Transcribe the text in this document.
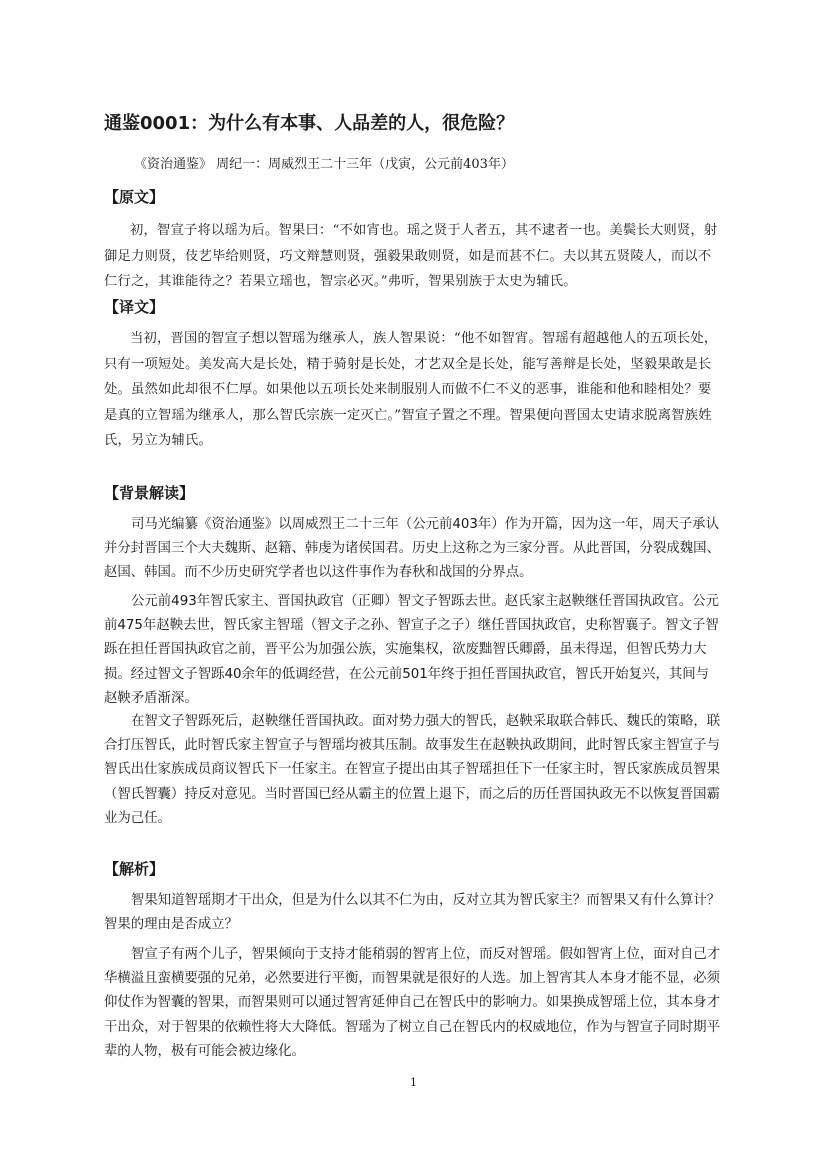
通鉴0001：为什么有本事、人品差的人，很危险？
《资治通鉴》 周纪一：周威烈王二十三年（戊寅，公元前403年）
【原文】

初，智宣子将以瑶为后。智果曰：“不如宵也。瑶之贤于人者五，其不逮者一也。美鬓长大则贤，射御足力则贤，伎艺毕给则贤，巧文辩慧则贤，强毅果敢则贤，如是而甚不仁。夫以其五贤陵人，而以不仁行之，其谁能待之？若果立瑶也，智宗必灭。”弗听，智果别族于太史为辅氏。

【译文】

当初，晋国的智宣子想以智瑶为继承人，族人智果说：“他不如智宵。智瑶有超越他人的五项长处，只有一项短处。美发高大是长处，精于骑射是长处，才艺双全是长处，能写善辩是长处，坚毅果敢是长处。虽然如此却很不仁厚。如果他以五项长处来制服别人而做不仁不义的恶事，谁能和他和睦相处？要是真的立智瑶为继承人，那么智氏宗族一定灭亡。”智宣子置之不理。智果便向晋国太史请求脱离智族姓氏，另立为辅氏。

【背景解读】

司马光编纂《资治通鉴》以周威烈王二十三年（公元前403年）作为开篇，因为这一年，周天子承认并分封晋国三个大夫魏斯、赵籍、韩虔为诸侯国君。历史上这称之为三家分晋。从此晋国，分裂成魏国、赵国、韩国。而不少历史研究学者也以这件事作为春秋和战国的分界点。

公元前493年智氏家主、晋国执政官（正卿）智文子智跞去世。赵氏家主赵鞅继任晋国执政官。公元前475年赵鞅去世，智氏家主智瑶（智文子之孙、智宣子之子）继任晋国执政官，史称智襄子。智文子智跞在担任晋国执政官之前，晋平公为加强公族，实施集权，欲废黜智氏卿爵，虽未得逞，但智氏势力大损。经过智文子智跞40余年的低调经营，在公元前501年终于担任晋国执政官，智氏开始复兴，其间与赵鞅矛盾渐深。

在智文子智跞死后，赵鞅继任晋国执政。面对势力强大的智氏，赵鞅采取联合韩氏、魏氏的策略，联合打压智氏，此时智氏家主智宣子与智瑶均被其压制。故事发生在赵鞅执政期间，此时智氏家主智宣子与智氏出仕家族成员商议智氏下一任家主。在智宣子提出由其子智瑶担任下一任家主时，智氏家族成员智果（智氏智囊）持反对意见。当时晋国已经从霸主的位置上退下，而之后的历任晋国执政无不以恢复晋国霸业为己任。

【解析】

智果知道智瑶期才干出众，但是为什么以其不仁为由，反对立其为智氏家主？而智果又有什么算计？智果的理由是否成立？

智宣子有两个儿子，智果倾向于支持才能稍弱的智宵上位，而反对智瑶。假如智宵上位，面对自己才华横溢且蛮横要强的兄弟，必然要进行平衡，而智果就是很好的人选。加上智宵其人本身才能不显，必须仰仗作为智囊的智果，而智果则可以通过智宵延伸自己在智氏中的影响力。如果换成智瑶上位，其本身才干出众，对于智果的依赖性将大大降低。智瑶为了树立自己在智氏内的权威地位，作为与智宣子同时期平辈的人物，极有可能会被边缘化。

1
